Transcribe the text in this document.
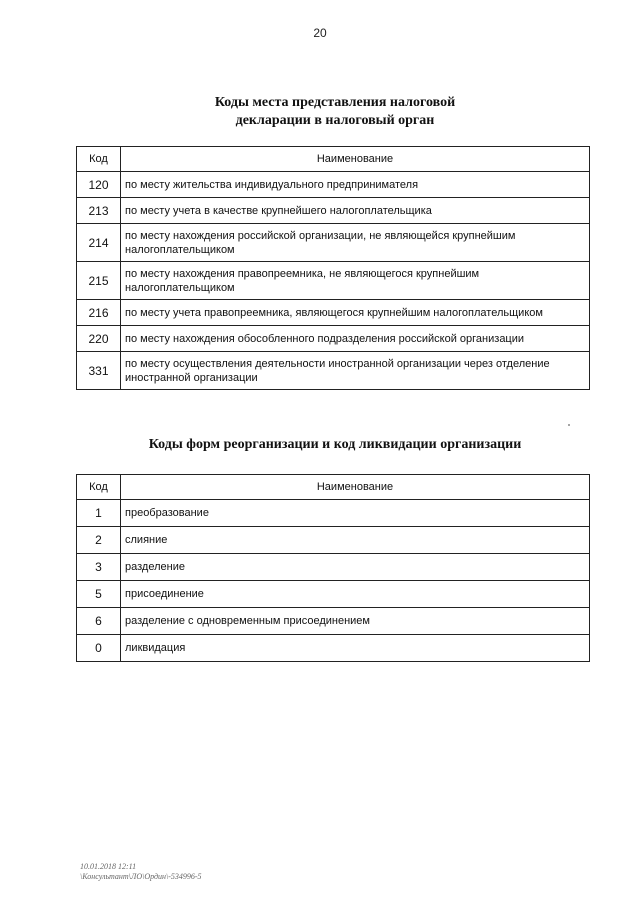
20
Коды места представления налоговой
декларации в налоговый орган
Код	Наименование
120	по месту жительства индивидуального предпринимателя
213	по месту учета в качестве крупнейшего налогоплательщика
214	по месту нахождения российской организации, не являющейся крупнейшим налогоплательщиком
215	по месту нахождения правопреемника, не являющегося крупнейшим налогоплательщиком
216	по месту учета правопреемника, являющегося крупнейшим налогоплательщиком
220	по месту нахождения обособленного подразделения российской организации
331	по месту осуществления деятельности иностранной организации через отделение иностранной организации
Коды форм реорганизации и код ликвидации организации
Код	Наименование
1	преобразование
2	слияние
3	разделение
5	присоединение
6	разделение с одновременным присоединением
0	ликвидация
10.01.2018 12:11
\Консультант\ЛО\Ордин\-534996-5
